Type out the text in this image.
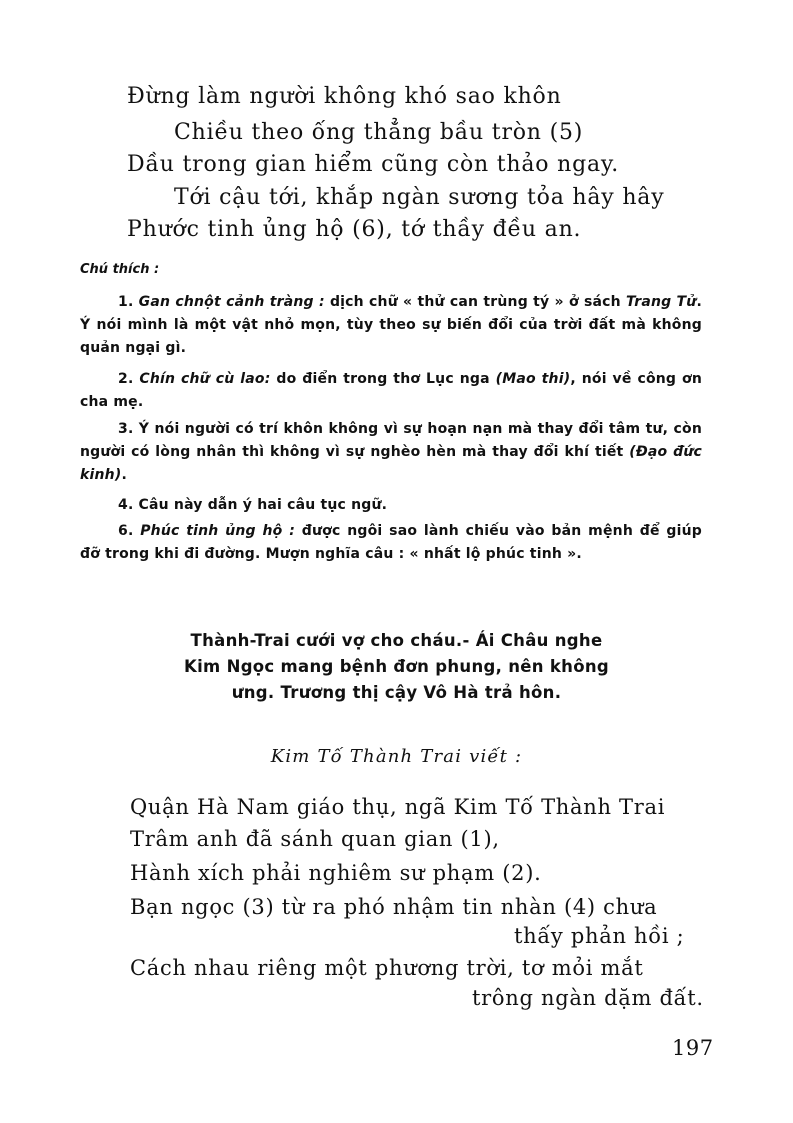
Đừng làm người không khó sao khôn
Chiều theo ống thẳng bầu tròn (5)
Dầu trong gian hiểm cũng còn thảo ngay.
Tới cậu tới, khắp ngàn sương tỏa hây hây
Phước tinh ủng hộ (6), tớ thầy đều an.
Chú thích :

1. Gan chnột cảnh tràng : dịch chữ « thử can trùng tý » ở sách Trang Tử. Ý nói mình là một vật nhỏ mọn, tùy theo sự biến đổi của trời đất mà không quản ngại gì.

2. Chín chữ cù lao: do điển trong thơ Lục nga (Mao thi), nói về công ơn cha mẹ.

3. Ý nói người có trí khôn không vì sự hoạn nạn mà thay đổi tâm tư, còn người có lòng nhân thì không vì sự nghèo hèn mà thay đổi khí tiết (Đạo đức kinh).

4. Câu này dẫn ý hai câu tục ngữ.

6. Phúc tinh ủng hộ : được ngôi sao lành chiếu vào bản mệnh để giúp đỡ trong khi đi đường. Mượn nghĩa câu : « nhất lộ phúc tinh ».

Thành-Trai cưới vợ cho cháu.- Ái Châu nghe
Kim Ngọc mang bệnh đơn phung, nên không
ưng. Trương thị cậy Vô Hà trả hôn.
Kim Tố Thành Trai viết :
Quận Hà Nam giáo thụ, ngã Kim Tố Thành Trai
Trâm anh đã sánh quan gian (1),
Hành xích phải nghiêm sư phạm (2).
Bạn ngọc (3) từ ra phó nhậm tin nhàn (4) chưa
thấy phản hồi ;
Cách nhau riêng một phương trời, tơ mỏi mắt
trông ngàn dặm đất.
197
